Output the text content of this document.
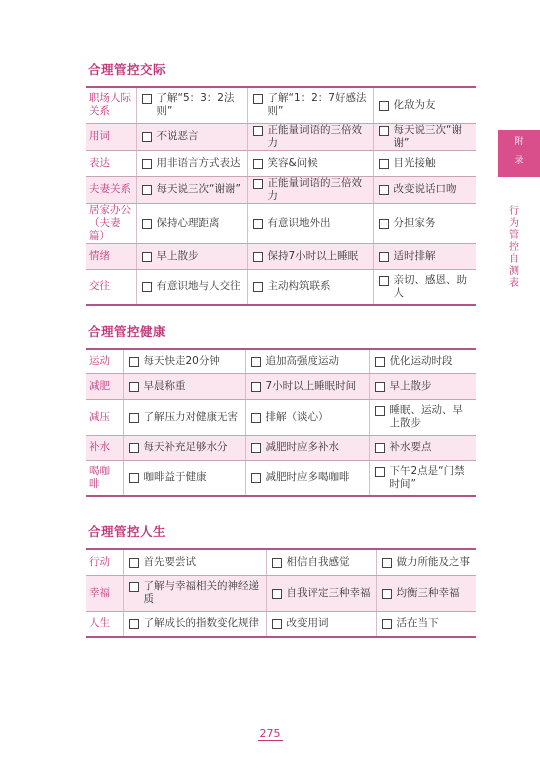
合理管控交际
职场人际关系	了解“5：3：2法则”	了解“1：2：7好感法则”	化敌为友

用词	不说恶言	正能量词语的三倍效力	每天说三次“谢谢”

表达	用非语言方式表达	笑容&问候	目光接触

夫妻关系	每天说三次“谢谢”	正能量词语的三倍效力	改变说话口吻

居家办公（夫妻篇）	保持心理距离	有意识地外出	分担家务

情绪	早上散步	保持7小时以上睡眠	适时排解

交往	有意识地与人交往	主动构筑联系	亲切、感恩、助人
合理管控健康
运动	每天快走20分钟	追加高强度运动	优化运动时段

减肥	早晨称重	7小时以上睡眠时间	早上散步

减压	了解压力对健康无害	排解（谈心）	睡眠、运动、早上散步

补水	每天补充足够水分	减肥时应多补水	补水要点

喝咖啡	咖啡益于健康	减肥时应多喝咖啡	下午2点是“门禁时间”
合理管控人生
行动	首先要尝试	相信自我感觉	做力所能及之事

幸福	了解与幸福相关的神经递质	自我评定三种幸福	均衡三种幸福

人生	了解成长的指数变化规律	改变用词	活在当下
附
录
行为管控自测表
275
